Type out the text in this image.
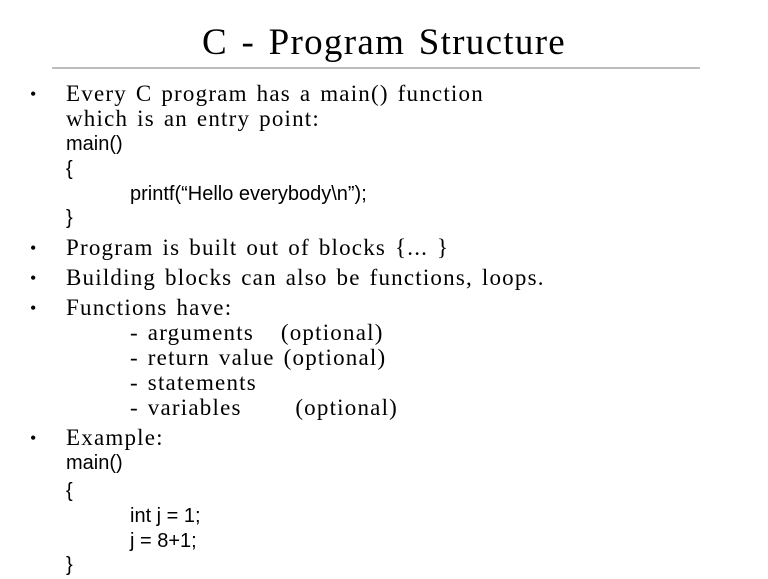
C - Program Structure
• Every C program has a main() function
which is an entry point:
main()
{
printf(“Hello everybody\n”);
}
• Program is built out of blocks {... }
• Building blocks can also be functions, loops.
• Functions have:
- arguments   (optional)
- return value (optional)
- statements
- variables      (optional)
• Example:
main()
{
int j = 1;
j = 8+1;
}
